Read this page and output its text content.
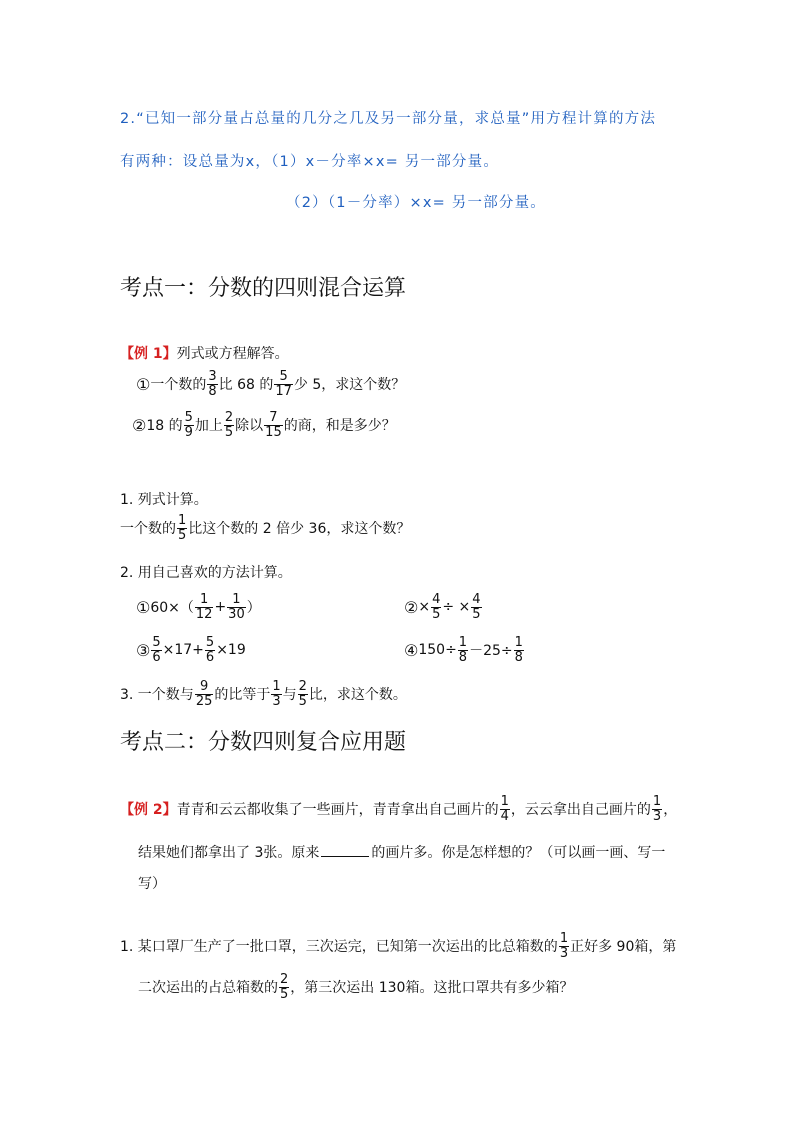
2.“已知一部分量占总量的几分之几及另一部分量，求总量”用方程计算的方法
有两种：设总量为x，（1）x－分率×x= 另一部分量。
（2）（1－分率）×x= 另一部分量。
考点一：分数的四则混合运算
【例 1】列式或方程解答。
①一个数的 $\frac{3}{8}$ 比 68 的 $\frac{5}{17}$ 少 5，求这个数？
②18 的 $\frac{5}{9}$ 加上 $\frac{2}{5}$ 除以 $\frac{7}{15}$ 的商，和是多少？
1. 列式计算。
一个数的 $\frac{1}{5}$ 比这个数的 2 倍少 36，求这个数？
2. 用自己喜欢的方法计算。
①60×（ $\frac{1}{12} + \frac{1}{30}$ ）	②× $\frac{4}{5}$ ÷ × $\frac{4}{5}$
③ $\frac{5}{6} \times 17+ \frac{5}{6} \times 19$	④150÷ $\frac{1}{8} -25\div \frac{1}{8}$
3. 一个数与 $\frac{9}{25}$ 的比等于 $\frac{1}{3}$ 与 $\frac{2}{5}$ 比，求这个数。
考点二：分数四则复合应用题
【例 2】青青和云云都收集了一些画片，青青拿出自己画片的 $\frac{1}{4}$ ，云云拿出自己画片的 $\frac{1}{3}$ ，
结果她们都拿出了 3张。原来	的画片多。你是怎样想的？（可以画一画、写一
写）
1. 某口罩厂生产了一批口罩，三次运完，已知第一次运出的比总箱数的 $\frac{1}{3}$ 正好多 90箱，第
二次运出的占总箱数的 $\frac{2}{5}$ ，第三次运出 130箱。这批口罩共有多少箱？
